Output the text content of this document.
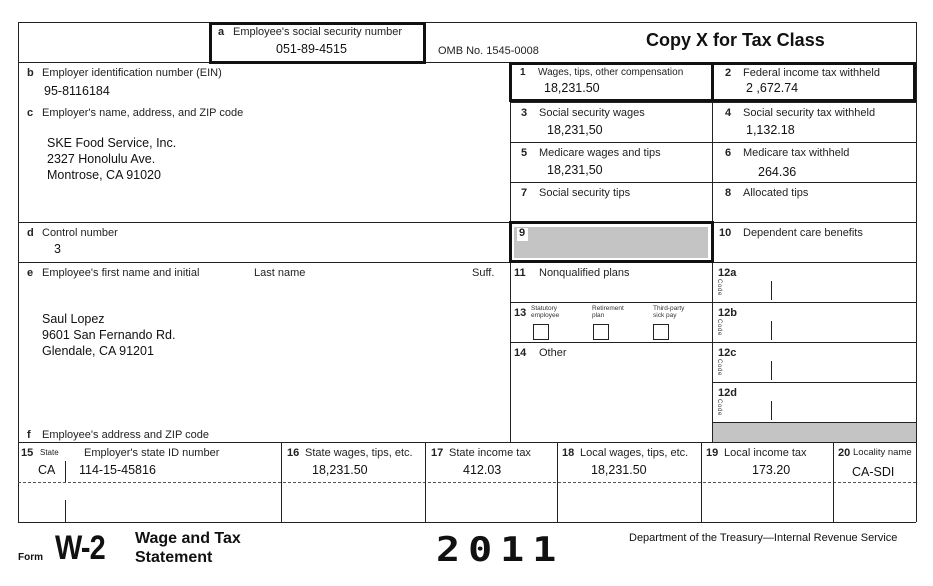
a Employee's social security number
051-89-4515	OMB No. 1545-0008
Copy X for Tax Class
b Employer identification number (EIN)
95-8116184
1 Wages, tips, other compensation
18,231.50
2 Federal income tax withheld
2 ,672.74
c Employer's name, address, and ZIP code
SKE Food Service, Inc.
2327 Honolulu Ave.
Montrose, CA 91020
3 Social security wages
18,231,50
4 Social security tax withheld
1,132.18
5 Medicare wages and tips
18,231,50
6 Medicare tax withheld
264.36
7 Social security tips	8 Allocated tips
d Control number
3
9	10 Dependent care benefits
e Employee's first name and initial	Last name	Suff.
Saul Lopez
9601 San Fernando Rd.
Glendale, CA 91201
f Employee's address and ZIP code
11 Nonqualified plans
13 Statutory employee
Retirement plan
Third-party sick pay
14 Other
12a
C o d e
12b
C o d e
12c
C o d e
12d
C o d e
15 State Employer's state ID number
CA 114-15-45816
16 State wages, tips, etc.
18,231.50
17 State income tax
412.03
18 Local wages, tips, etc.
18,231.50
19 Local income tax
173.20
20 Locality name
CA-SDI
Form W-2 Wage and Tax
Statement	2011	Department of the Treasury—Internal Revenue Service
